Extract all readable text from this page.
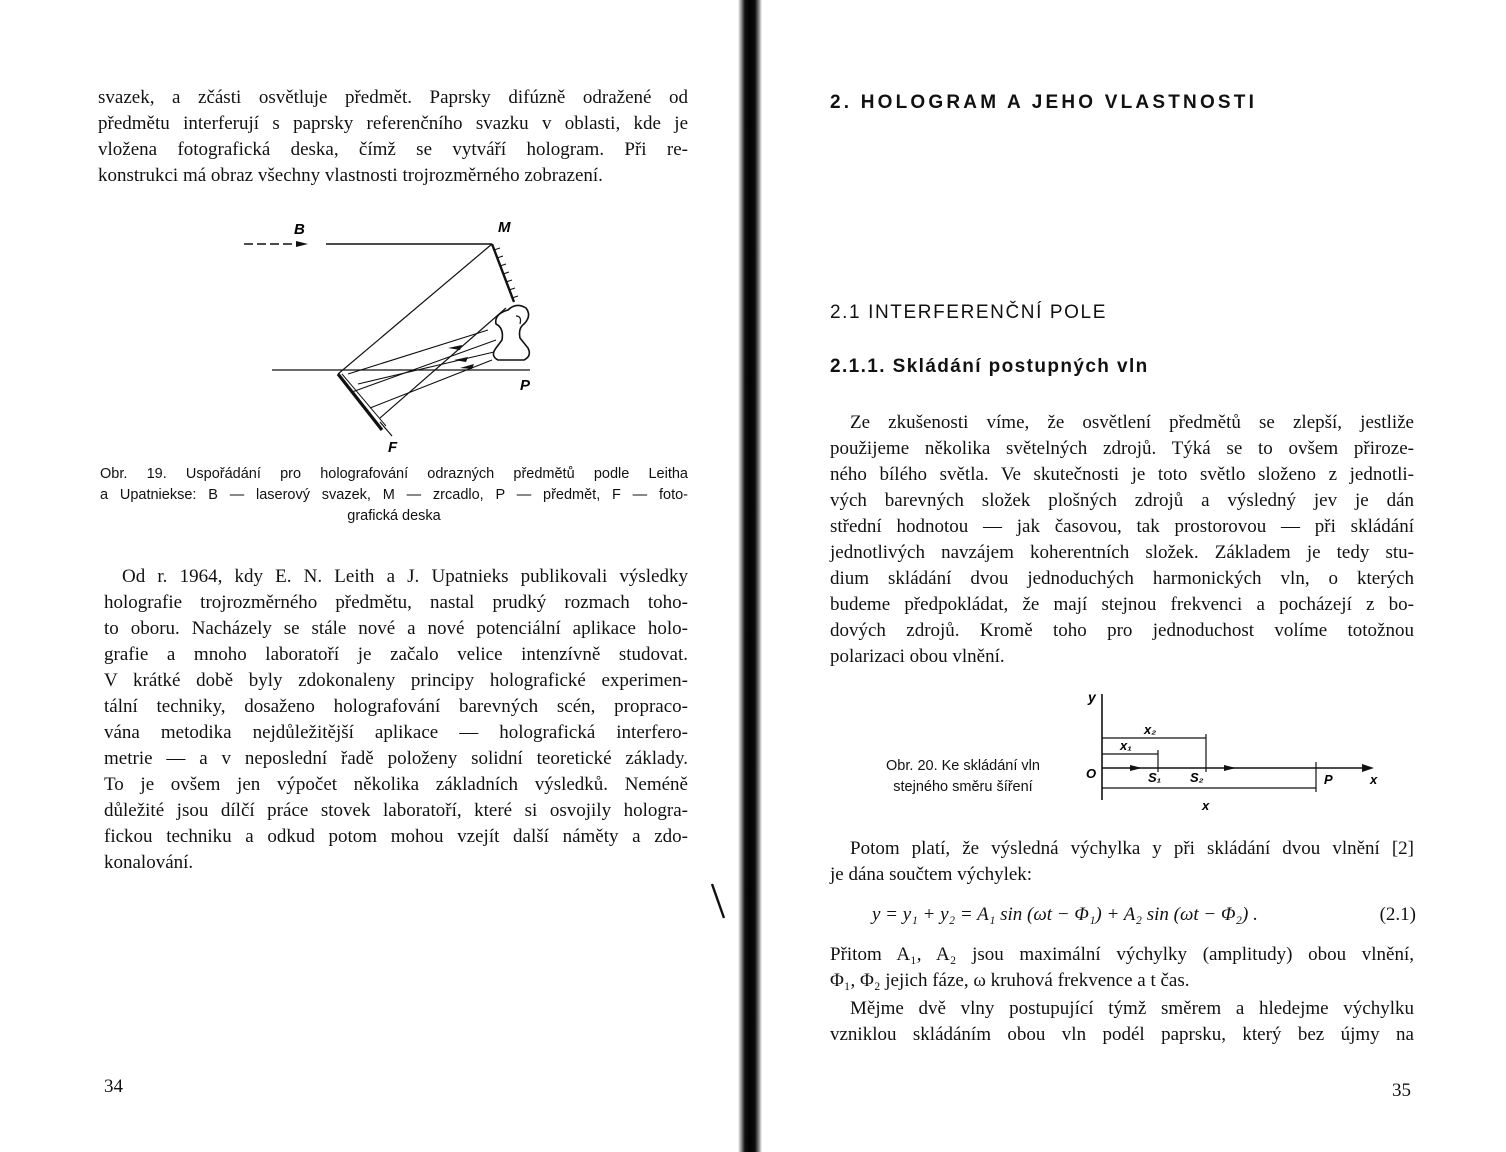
svazek, a zčásti osvětluje předmět. Paprsky difúzně odražené od
předmětu interferují s paprsky referenčního svazku v oblasti, kde je
vložena fotografická deska, čímž se vytváří hologram. Při re-
konstrukci má obraz všechny vlastnosti trojrozměrného zobrazení.
B	M
P
F
Obr. 19. Uspořádání pro holografování odrazných předmětů podle Leitha
a Upatniekse: B — laserový svazek, M — zrcadlo, P — předmět, F — foto-
grafická deska
Od r. 1964, kdy E. N. Leith a J. Upatnieks publikovali výsledky
holografie trojrozměrného předmětu, nastal prudký rozmach toho-
to oboru. Nacházely se stále nové a nové potenciální aplikace holo-
grafie a mnoho laboratoří je začalo velice intenzívně studovat.
V krátké době byly zdokonaleny principy holografické experimen-
tální techniky, dosaženo holografování barevných scén, propraco-
vána metodika nejdůležitější aplikace — holografická interfero-
metrie — a v neposlední řadě položeny solidní teoretické základy.
To je ovšem jen výpočet několika základních výsledků. Neméně
důležité jsou dílčí práce stovek laboratoří, které si osvojily hologra-
fickou techniku a odkud potom mohou vzejít další náměty a zdo-
konalování.
34
2. HOLOGRAM A JEHO VLASTNOSTI
2.1 INTERFERENČNÍ POLE
2.1.1. Skládání postupných vln
Ze zkušenosti víme, že osvětlení předmětů se zlepší, jestliže
použijeme několika světelných zdrojů. Týká se to ovšem přiroze-
ného bílého světla. Ve skutečnosti je toto světlo složeno z jednotli-
vých barevných složek plošných zdrojů a výsledný jev je dán
střední hodnotou — jak časovou, tak prostorovou — při skládání
jednotlivých navzájem koherentních složek. Základem je tedy stu-
dium skládání dvou jednoduchých harmonických vln, o kterých
budeme předpokládat, že mají stejnou frekvenci a pocházejí z bo-
dových zdrojů. Kromě toho pro jednoduchost volíme totožnou
polarizaci obou vlnění.
Obr. 20. Ke skládání vln
stejného směru šíření
y
x₂
x₁
O	S₁ S₂	P	x
x
Potom platí, že výsledná výchylka y při skládání dvou vlnění [2]
je dána součtem výchylek:
y = y₁ + y₂ = A₁ sin (ωt − Φ₁) + A₂ sin (ωt − Φ₂) .	(2.1)
Přitom A₁, A₂ jsou maximální výchylky (amplitudy) obou vlnění,
Φ₁, Φ₂ jejich fáze, ω kruhová frekvence a t čas.
Mějme dvě vlny postupující týmž směrem a hledejme výchylku
vzniklou skládáním obou vln podél paprsku, který bez újmy na
35
